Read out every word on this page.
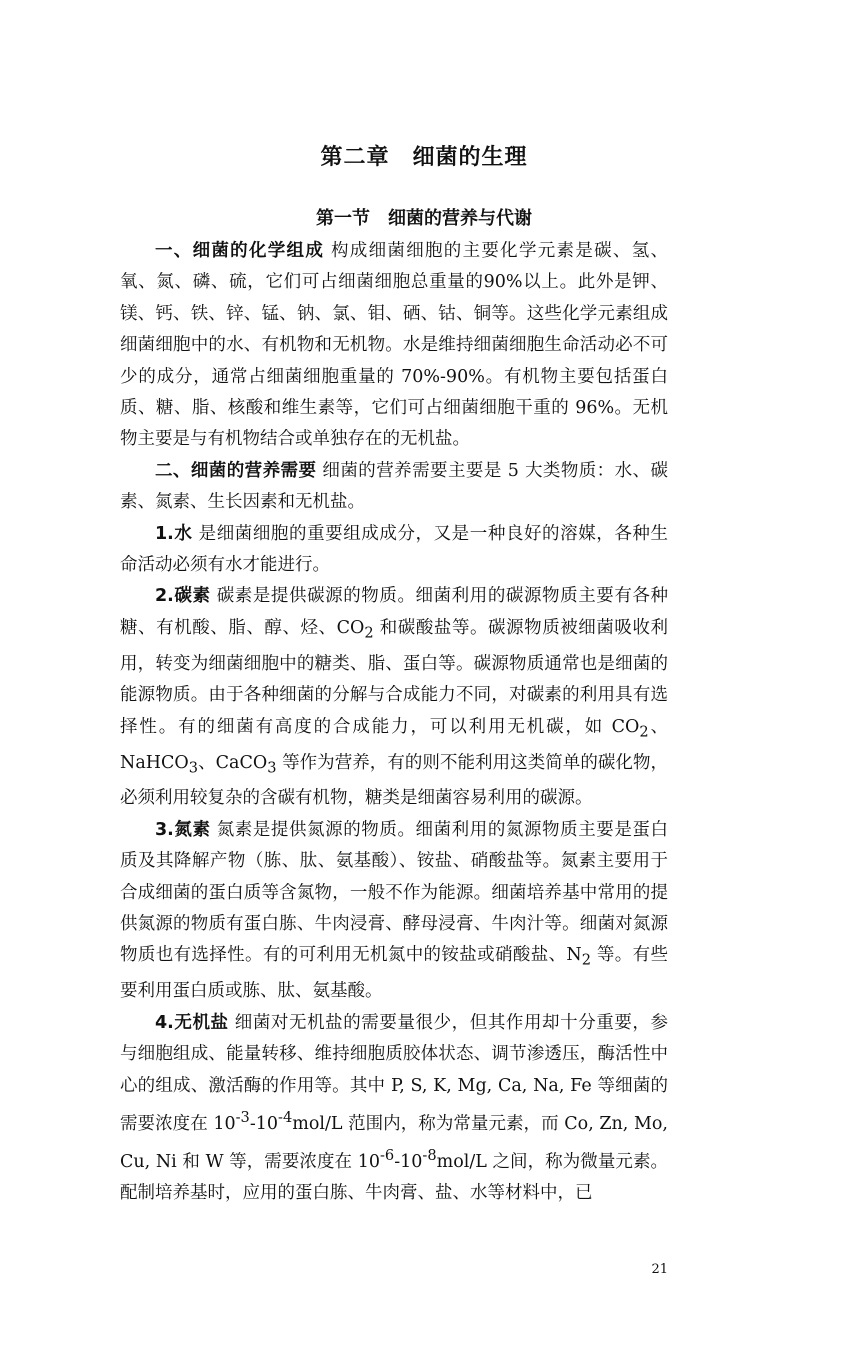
第二章　细菌的生理
第一节　细菌的营养与代谢

一、细菌的化学组成 构成细菌细胞的主要化学元素是碳、氢、氧、氮、磷、硫，它们可占细菌细胞总重量的90%以上。此外是钾、镁、钙、铁、锌、锰、钠、氯、钼、硒、钴、铜等。这些化学元素组成细菌细胞中的水、有机物和无机物。水是维持细菌细胞生命活动必不可少的成分，通常占细菌细胞重量的 70%-90%。有机物主要包括蛋白质、糖、脂、核酸和维生素等，它们可占细菌细胞干重的 96%。无机物主要是与有机物结合或单独存在的无机盐。

二、细菌的营养需要 细菌的营养需要主要是 5 大类物质：水、碳素、氮素、生长因素和无机盐。

1.水 是细菌细胞的重要组成成分，又是一种良好的溶媒，各种生命活动必须有水才能进行。

2.碳素 碳素是提供碳源的物质。细菌利用的碳源物质主要有各种糖、有机酸、脂、醇、烃、$CO_2$ 和碳酸盐等。碳源物质被细菌吸收利用，转变为细菌细胞中的糖类、脂、蛋白等。碳源物质通常也是细菌的能源物质。由于各种细菌的分解与合成能力不同，对碳素的利用具有选择性。有的细菌有高度的合成能力，可以利用无机碳，如 $CO_2$、NaHCO$_3$、CaCO$_3$ 等作为营养，有的则不能利用这类简单的碳化物，必须利用较复杂的含碳有机物，糖类是细菌容易利用的碳源。

3.氮素 氮素是提供氮源的物质。细菌利用的氮源物质主要是蛋白质及其降解产物（胨、肽、氨基酸）、铵盐、硝酸盐等。氮素主要用于合成细菌的蛋白质等含氮物，一般不作为能源。细菌培养基中常用的提供氮源的物质有蛋白胨、牛肉浸膏、酵母浸膏、牛肉汁等。细菌对氮源物质也有选择性。有的可利用无机氮中的铵盐或硝酸盐、$N_2$ 等。有些要利用蛋白质或胨、肽、氨基酸。

4.无机盐 细菌对无机盐的需要量很少，但其作用却十分重要，参与细胞组成、能量转移、维持细胞质胶体状态、调节渗透压，酶活性中心的组成、激活酶的作用等。其中 P, S, K, Mg, Ca, Na, Fe 等细菌的需要浓度在 $10^{-3}-10^{-4}mol/L$ 范围内，称为常量元素，而 Co, Zn, Mo, Cu, Ni 和 W 等，需要浓度在 $10^{-6}-10^{-8}mol/L$ 之间，称为微量元素。配制培养基时，应用的蛋白胨、牛肉膏、盐、水等材料中，已

21
